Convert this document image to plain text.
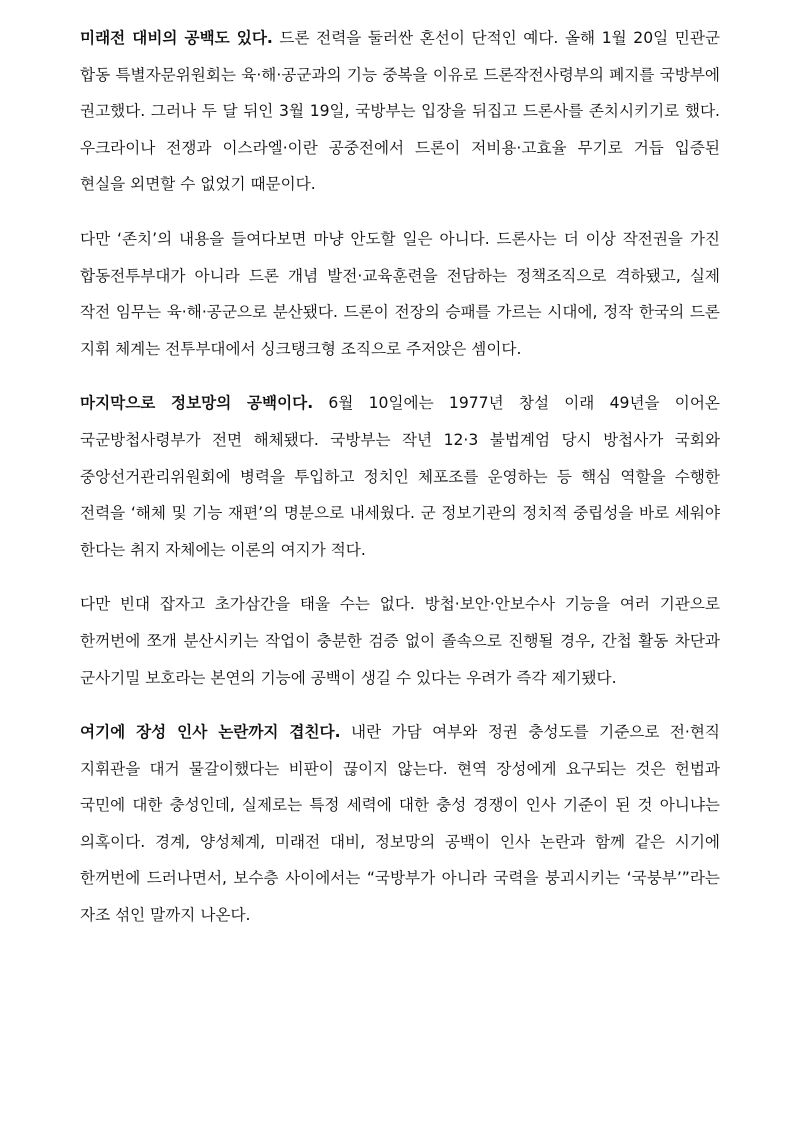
미래전 대비의 공백도 있다. 드론 전력을 둘러싼 혼선이 단적인 예다. 올해 1월 20일 민관군 합동 특별자문위원회는 육·해·공군과의 기능 중복을 이유로 드론작전사령부의 폐지를 국방부에 권고했다. 그러나 두 달 뒤인 3월 19일, 국방부는 입장을 뒤집고 드론사를 존치시키기로 했다. 우크라이나 전쟁과 이스라엘·이란 공중전에서 드론이 저비용·고효율 무기로 거듭 입증된 현실을 외면할 수 없었기 때문이다.

다만 ‘존치’의 내용을 들여다보면 마냥 안도할 일은 아니다. 드론사는 더 이상 작전권을 가진 합동전투부대가 아니라 드론 개념 발전·교육훈련을 전담하는 정책조직으로 격하됐고, 실제 작전 임무는 육·해·공군으로 분산됐다. 드론이 전장의 승패를 가르는 시대에, 정작 한국의 드론 지휘 체계는 전투부대에서 싱크탱크형 조직으로 주저앉은 셈이다.

마지막으로 정보망의 공백이다. 6월 10일에는 1977년 창설 이래 49년을 이어온 국군방첩사령부가 전면 해체됐다. 국방부는 작년 12·3 불법계엄 당시 방첩사가 국회와 중앙선거관리위원회에 병력을 투입하고 정치인 체포조를 운영하는 등 핵심 역할을 수행한 전력을 ‘해체 및 기능 재편’의 명분으로 내세웠다. 군 정보기관의 정치적 중립성을 바로 세워야 한다는 취지 자체에는 이론의 여지가 적다.

다만 빈대 잡자고 초가삼간을 태울 수는 없다. 방첩·보안·안보수사 기능을 여러 기관으로 한꺼번에 쪼개 분산시키는 작업이 충분한 검증 없이 졸속으로 진행될 경우, 간첩 활동 차단과 군사기밀 보호라는 본연의 기능에 공백이 생길 수 있다는 우려가 즉각 제기됐다.

여기에 장성 인사 논란까지 겹친다. 내란 가담 여부와 정권 충성도를 기준으로 전·현직 지휘관을 대거 물갈이했다는 비판이 끊이지 않는다. 현역 장성에게 요구되는 것은 헌법과 국민에 대한 충성인데, 실제로는 특정 세력에 대한 충성 경쟁이 인사 기준이 된 것 아니냐는 의혹이다. 경계, 양성체계, 미래전 대비, 정보망의 공백이 인사 논란과 함께 같은 시기에 한꺼번에 드러나면서, 보수층 사이에서는 “국방부가 아니라 국력을 붕괴시키는 ‘국붕부’”라는 자조 섞인 말까지 나온다.
